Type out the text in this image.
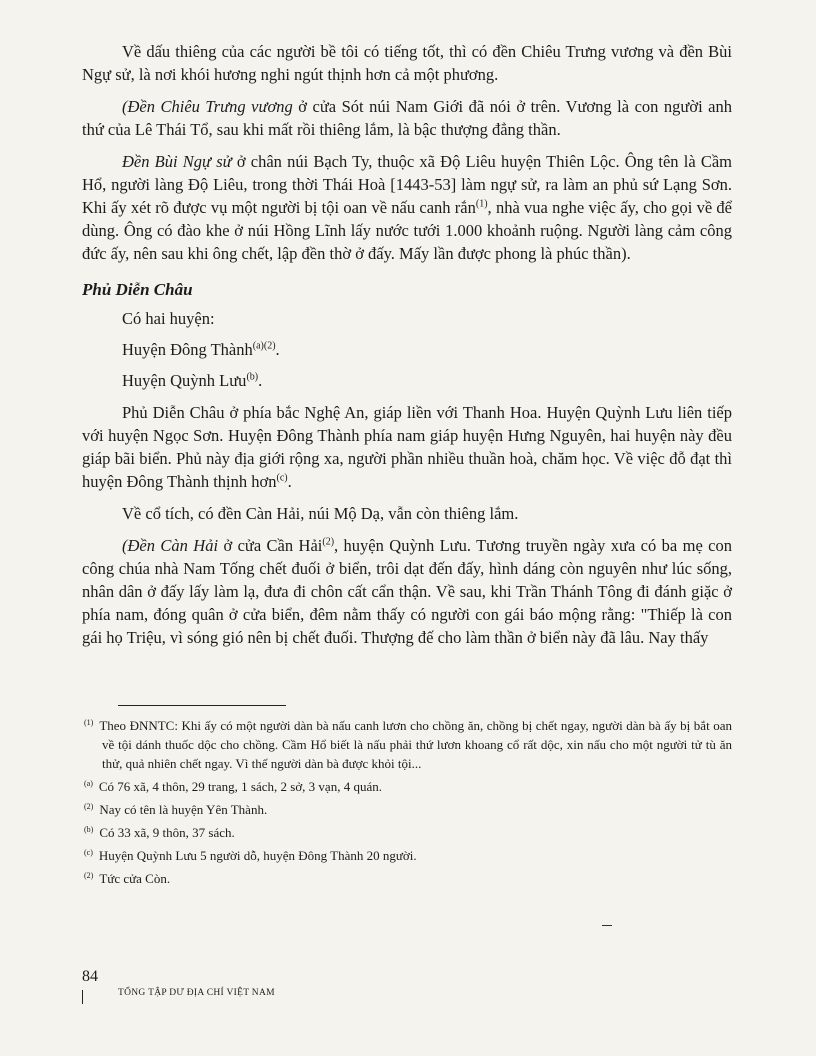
Về dấu thiêng của các người bề tôi có tiếng tốt, thì có đền Chiêu Trưng vương và đền Bùi Ngự sử, là nơi khói hương nghi ngút thịnh hơn cả một phương.

(Đền Chiêu Trưng vương ở cửa Sót núi Nam Giới đã nói ở trên. Vương là con người anh thứ của Lê Thái Tổ, sau khi mất rồi thiêng lắm, là bậc thượng đẳng thần.

Đền Bùi Ngự sử ở chân núi Bạch Ty, thuộc xã Độ Liêu huyện Thiên Lộc. Ông tên là Cầm Hổ, người làng Độ Liêu, trong thời Thái Hoà [1443-53] làm ngự sử, ra làm an phủ sứ Lạng Sơn. Khi ấy xét rõ được vụ một người bị tội oan về nấu canh rắn$^{(1)}$, nhà vua nghe việc ấy, cho gọi về để dùng. Ông có đào khe ở núi Hồng Lĩnh lấy nước tưới 1.000 khoảnh ruộng. Người làng cảm công đức ấy, nên sau khi ông chết, lập đền thờ ở đấy. Mấy lần được phong là phúc thần).

Phủ Diễn Châu

Có hai huyện:

Huyện Đông Thành$^{(a)(2)}$.

Huyện Quỳnh Lưu$^{(b)}$.

Phủ Diễn Châu ở phía bắc Nghệ An, giáp liền với Thanh Hoa. Huyện Quỳnh Lưu liên tiếp với huyện Ngọc Sơn. Huyện Đông Thành phía nam giáp huyện Hưng Nguyên, hai huyện này đều giáp bãi biển. Phủ này địa giới rộng xa, người phần nhiều thuần hoà, chăm học. Về việc đỗ đạt thì huyện Đông Thành thịnh hơn$^{(c)}$.

Về cổ tích, có đền Càn Hải, núi Mộ Dạ, vẫn còn thiêng lắm.

(Đền Càn Hải ở cửa Cần Hải$^{(2)}$, huyện Quỳnh Lưu. Tương truyền ngày xưa có ba mẹ con công chúa nhà Nam Tống chết đuối ở biển, trôi dạt đến đấy, hình dáng còn nguyên như lúc sống, nhân dân ở đấy lấy làm lạ, đưa đi chôn cất cẩn thận. Về sau, khi Trần Thánh Tông đi đánh giặc ở phía nam, đóng quân ở cửa biển, đêm nằm thấy có người con gái báo mộng rằng: "Thiếp là con gái họ Triệu, vì sóng gió nên bị chết đuối. Thượng đế cho làm thần ở biển này đã lâu. Nay thấy

$^{(1)}$ Theo ĐNNTC: Khi ấy có một người dàn bà nấu canh lươn cho chồng ăn, chồng bị chết ngay, người dàn bà ấy bị bắt oan về tội dánh thuốc dộc cho chồng. Cầm Hổ biết là nấu phải thứ lươn khoang cổ rất dộc, xin nấu cho một người tử tù ăn thử, quả nhiên chết ngay. Vì thế người dàn bà được khỏi tội...

$^{(a)}$ Có 76 xã, 4 thôn, 29 trang, 1 sách, 2 sở, 3 vạn, 4 quán.

$^{(2)}$ Nay có tên là huyện Yên Thành.

$^{(b)}$ Có 33 xã, 9 thôn, 37 sách.

$^{(c)}$ Huyện Quỳnh Lưu 5 người dỗ, huyện Đông Thành 20 người.

$^{(2)}$ Tức cửa Còn.

84
TỔNG TẬP DƯ ĐỊA CHÍ VIỆT NAM
